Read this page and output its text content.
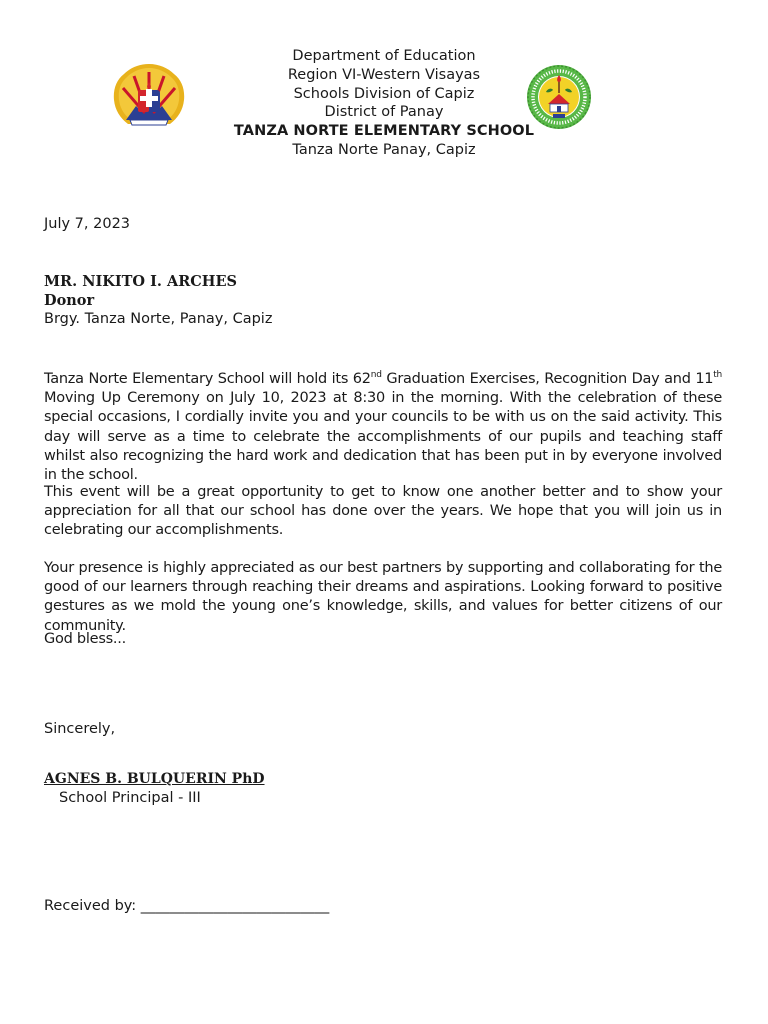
Department of Education
Region VI-Western Visayas
Schools Division of Capiz
District of Panay
TANZA NORTE ELEMENTARY SCHOOL
Tanza Norte Panay, Capiz
July 7, 2023
MR. NIKITO I. ARCHES
Donor
Brgy. Tanza Norte, Panay, Capiz
Tanza Norte Elementary School will hold its 62nd Graduation Exercises, Recognition Day and 11th Moving Up Ceremony on July 10, 2023 at 8:30 in the morning. With the celebration of these special occasions, I cordially invite you and your councils to be with us on the said activity. This day will serve as a time to celebrate the accomplishments of our pupils and teaching staff whilst also recognizing the hard work and dedication that has been put in by everyone involved in the school.
This event will be a great opportunity to get to know one another better and to show your appreciation for all that our school has done over the years. We hope that you will join us in celebrating our accomplishments.
Your presence is highly appreciated as our best partners by supporting and collaborating for the good of our learners through reaching their dreams and aspirations. Looking forward to positive gestures as we mold the young one’s knowledge, skills, and values for better citizens of our community.
God bless...
Sincerely,
AGNES B. BULQUERIN PhD
School Principal - III
Received by: __________________________
